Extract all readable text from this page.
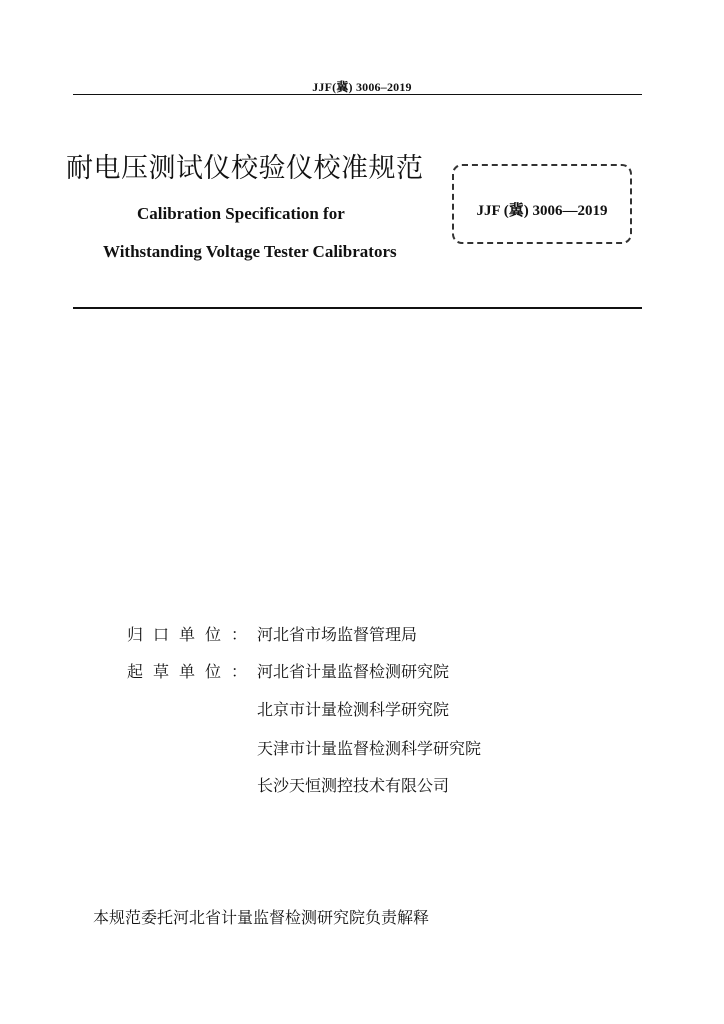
JJF(冀) 3006–2019
耐电压测试仪校验仪校准规范
Calibration Specification for
Withstanding Voltage Tester Calibrators
JJF (冀) 3006—2019
归口单位： 河北省市场监督管理局
起草单位： 河北省计量监督检测研究院
北京市计量检测科学研究院
天津市计量监督检测科学研究院
长沙天恒测控技术有限公司
本规范委托河北省计量监督检测研究院负责解释
